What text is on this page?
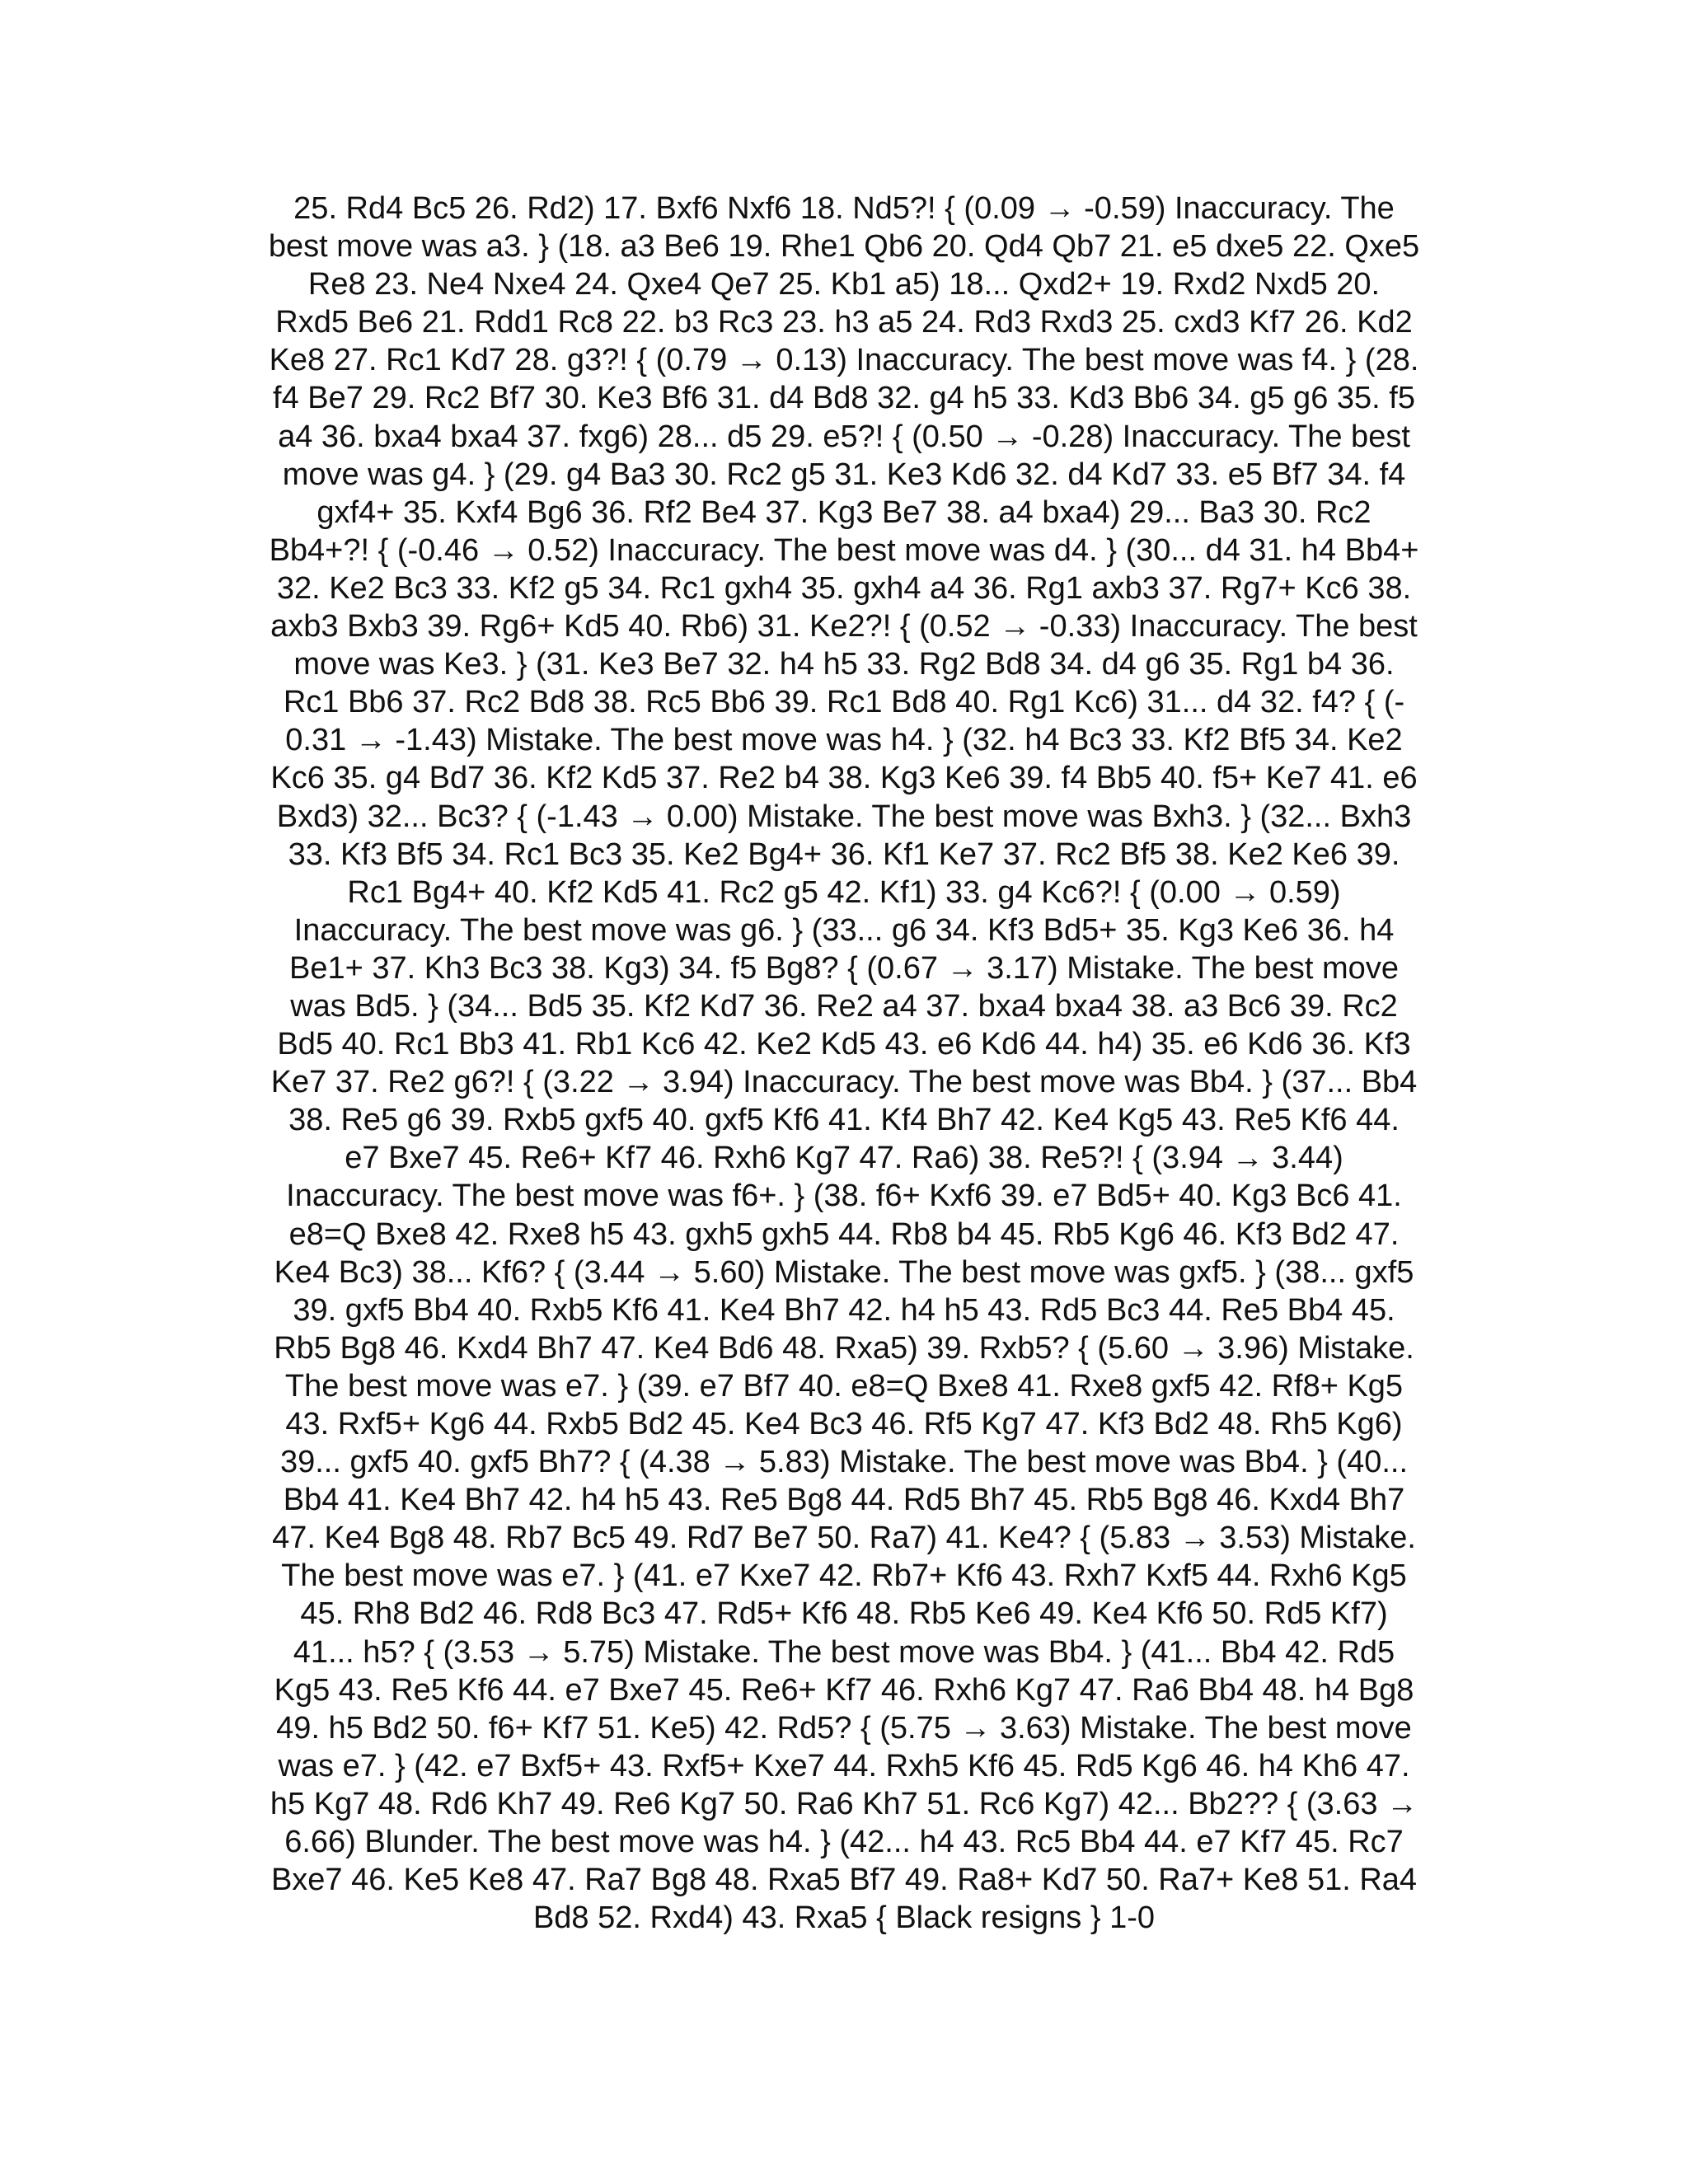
25. Rd4 Bc5 26. Rd2) 17. Bxf6 Nxf6 18. Nd5?! { (0.09 → -0.59) Inaccuracy. The
best move was a3. } (18. a3 Be6 19. Rhe1 Qb6 20. Qd4 Qb7 21. e5 dxe5 22. Qxe5
Re8 23. Ne4 Nxe4 24. Qxe4 Qe7 25. Kb1 a5) 18... Qxd2+ 19. Rxd2 Nxd5 20.
Rxd5 Be6 21. Rdd1 Rc8 22. b3 Rc3 23. h3 a5 24. Rd3 Rxd3 25. cxd3 Kf7 26. Kd2
Ke8 27. Rc1 Kd7 28. g3?! { (0.79 → 0.13) Inaccuracy. The best move was f4. } (28.
f4 Be7 29. Rc2 Bf7 30. Ke3 Bf6 31. d4 Bd8 32. g4 h5 33. Kd3 Bb6 34. g5 g6 35. f5
a4 36. bxa4 bxa4 37. fxg6) 28... d5 29. e5?! { (0.50 → -0.28) Inaccuracy. The best
move was g4. } (29. g4 Ba3 30. Rc2 g5 31. Ke3 Kd6 32. d4 Kd7 33. e5 Bf7 34. f4
gxf4+ 35. Kxf4 Bg6 36. Rf2 Be4 37. Kg3 Be7 38. a4 bxa4) 29... Ba3 30. Rc2
Bb4+?! { (-0.46 → 0.52) Inaccuracy. The best move was d4. } (30... d4 31. h4 Bb4+
32. Ke2 Bc3 33. Kf2 g5 34. Rc1 gxh4 35. gxh4 a4 36. Rg1 axb3 37. Rg7+ Kc6 38.
axb3 Bxb3 39. Rg6+ Kd5 40. Rb6) 31. Ke2?! { (0.52 → -0.33) Inaccuracy. The best
move was Ke3. } (31. Ke3 Be7 32. h4 h5 33. Rg2 Bd8 34. d4 g6 35. Rg1 b4 36.
Rc1 Bb6 37. Rc2 Bd8 38. Rc5 Bb6 39. Rc1 Bd8 40. Rg1 Kc6) 31... d4 32. f4? { (-
0.31 → -1.43) Mistake. The best move was h4. } (32. h4 Bc3 33. Kf2 Bf5 34. Ke2
Kc6 35. g4 Bd7 36. Kf2 Kd5 37. Re2 b4 38. Kg3 Ke6 39. f4 Bb5 40. f5+ Ke7 41. e6
Bxd3) 32... Bc3? { (-1.43 → 0.00) Mistake. The best move was Bxh3. } (32... Bxh3
33. Kf3 Bf5 34. Rc1 Bc3 35. Ke2 Bg4+ 36. Kf1 Ke7 37. Rc2 Bf5 38. Ke2 Ke6 39.
Rc1 Bg4+ 40. Kf2 Kd5 41. Rc2 g5 42. Kf1) 33. g4 Kc6?! { (0.00 → 0.59)
Inaccuracy. The best move was g6. } (33... g6 34. Kf3 Bd5+ 35. Kg3 Ke6 36. h4
Be1+ 37. Kh3 Bc3 38. Kg3) 34. f5 Bg8? { (0.67 → 3.17) Mistake. The best move
was Bd5. } (34... Bd5 35. Kf2 Kd7 36. Re2 a4 37. bxa4 bxa4 38. a3 Bc6 39. Rc2
Bd5 40. Rc1 Bb3 41. Rb1 Kc6 42. Ke2 Kd5 43. e6 Kd6 44. h4) 35. e6 Kd6 36. Kf3
Ke7 37. Re2 g6?! { (3.22 → 3.94) Inaccuracy. The best move was Bb4. } (37... Bb4
38. Re5 g6 39. Rxb5 gxf5 40. gxf5 Kf6 41. Kf4 Bh7 42. Ke4 Kg5 43. Re5 Kf6 44.
e7 Bxe7 45. Re6+ Kf7 46. Rxh6 Kg7 47. Ra6) 38. Re5?! { (3.94 → 3.44)
Inaccuracy. The best move was f6+. } (38. f6+ Kxf6 39. e7 Bd5+ 40. Kg3 Bc6 41.
e8=Q Bxe8 42. Rxe8 h5 43. gxh5 gxh5 44. Rb8 b4 45. Rb5 Kg6 46. Kf3 Bd2 47.
Ke4 Bc3) 38... Kf6? { (3.44 → 5.60) Mistake. The best move was gxf5. } (38... gxf5
39. gxf5 Bb4 40. Rxb5 Kf6 41. Ke4 Bh7 42. h4 h5 43. Rd5 Bc3 44. Re5 Bb4 45.
Rb5 Bg8 46. Kxd4 Bh7 47. Ke4 Bd6 48. Rxa5) 39. Rxb5? { (5.60 → 3.96) Mistake.
The best move was e7. } (39. e7 Bf7 40. e8=Q Bxe8 41. Rxe8 gxf5 42. Rf8+ Kg5
43. Rxf5+ Kg6 44. Rxb5 Bd2 45. Ke4 Bc3 46. Rf5 Kg7 47. Kf3 Bd2 48. Rh5 Kg6)
39... gxf5 40. gxf5 Bh7? { (4.38 → 5.83) Mistake. The best move was Bb4. } (40...
Bb4 41. Ke4 Bh7 42. h4 h5 43. Re5 Bg8 44. Rd5 Bh7 45. Rb5 Bg8 46. Kxd4 Bh7
47. Ke4 Bg8 48. Rb7 Bc5 49. Rd7 Be7 50. Ra7) 41. Ke4? { (5.83 → 3.53) Mistake.
The best move was e7. } (41. e7 Kxe7 42. Rb7+ Kf6 43. Rxh7 Kxf5 44. Rxh6 Kg5
45. Rh8 Bd2 46. Rd8 Bc3 47. Rd5+ Kf6 48. Rb5 Ke6 49. Ke4 Kf6 50. Rd5 Kf7)
41... h5? { (3.53 → 5.75) Mistake. The best move was Bb4. } (41... Bb4 42. Rd5
Kg5 43. Re5 Kf6 44. e7 Bxe7 45. Re6+ Kf7 46. Rxh6 Kg7 47. Ra6 Bb4 48. h4 Bg8
49. h5 Bd2 50. f6+ Kf7 51. Ke5) 42. Rd5? { (5.75 → 3.63) Mistake. The best move
was e7. } (42. e7 Bxf5+ 43. Rxf5+ Kxe7 44. Rxh5 Kf6 45. Rd5 Kg6 46. h4 Kh6 47.
h5 Kg7 48. Rd6 Kh7 49. Re6 Kg7 50. Ra6 Kh7 51. Rc6 Kg7) 42... Bb2?? { (3.63 →
6.66) Blunder. The best move was h4. } (42... h4 43. Rc5 Bb4 44. e7 Kf7 45. Rc7
Bxe7 46. Ke5 Ke8 47. Ra7 Bg8 48. Rxa5 Bf7 49. Ra8+ Kd7 50. Ra7+ Ke8 51. Ra4
Bd8 52. Rxd4) 43. Rxa5 { Black resigns } 1-0
